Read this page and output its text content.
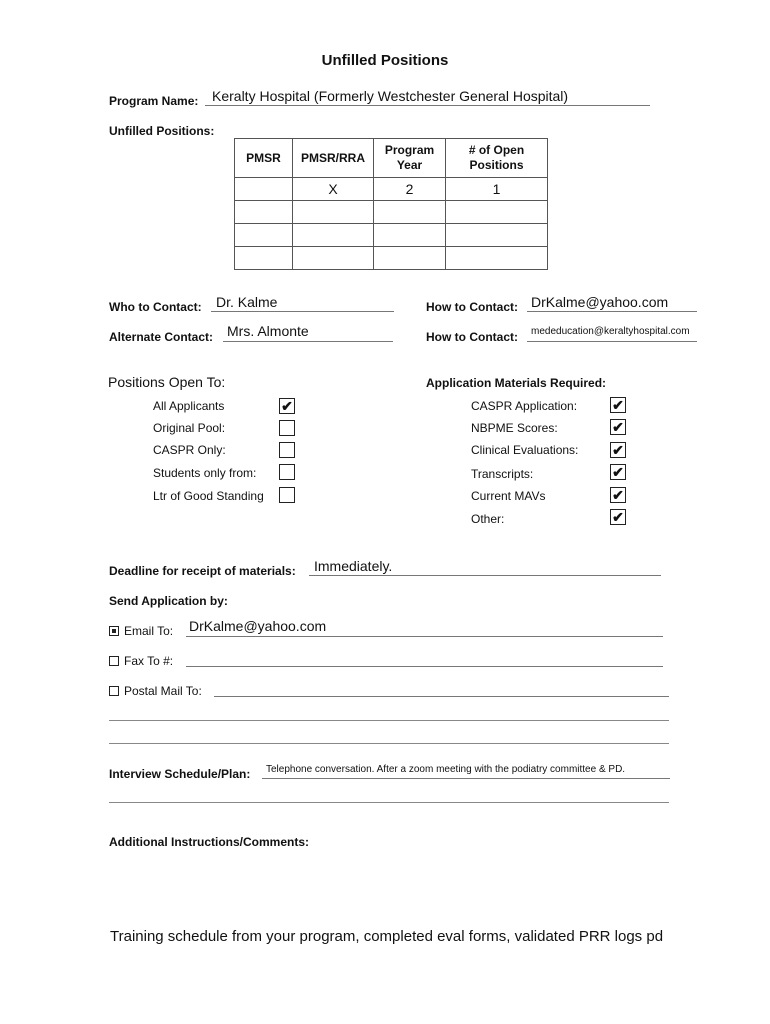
Unfilled Positions
Program Name: Keralty Hospital (Formerly Westchester General Hospital)
Unfilled Positions:
PMSR	PMSR/RRA	Program Year	# of Open Positions
	X	2	1

Who to Contact: Dr. Kalme	How to Contact: DrKalme@yahoo.com
Alternate Contact: Mrs. Almonte	How to Contact: mededucation@keraltyhospital.com
Positions Open To:
All Applicants	✔
Original Pool:
CASPR Only:
Students only from:
Ltr of Good Standing
Application Materials Required:
CASPR Application:	✔
NBPME Scores:	✔
Clinical Evaluations: ✔
Transcripts:	✔
Current MAVs	✔
Other:	✔
Deadline for receipt of materials: Immediately.
Send Application by:
Email To: DrKalme@yahoo.com
Fax To #:
Postal Mail To:
Interview Schedule/Plan: Telephone conversation. After a zoom meeting with the podiatry committee & PD.
Additional Instructions/Comments:
Training schedule from your program, completed eval forms, validated PRR logs pd
